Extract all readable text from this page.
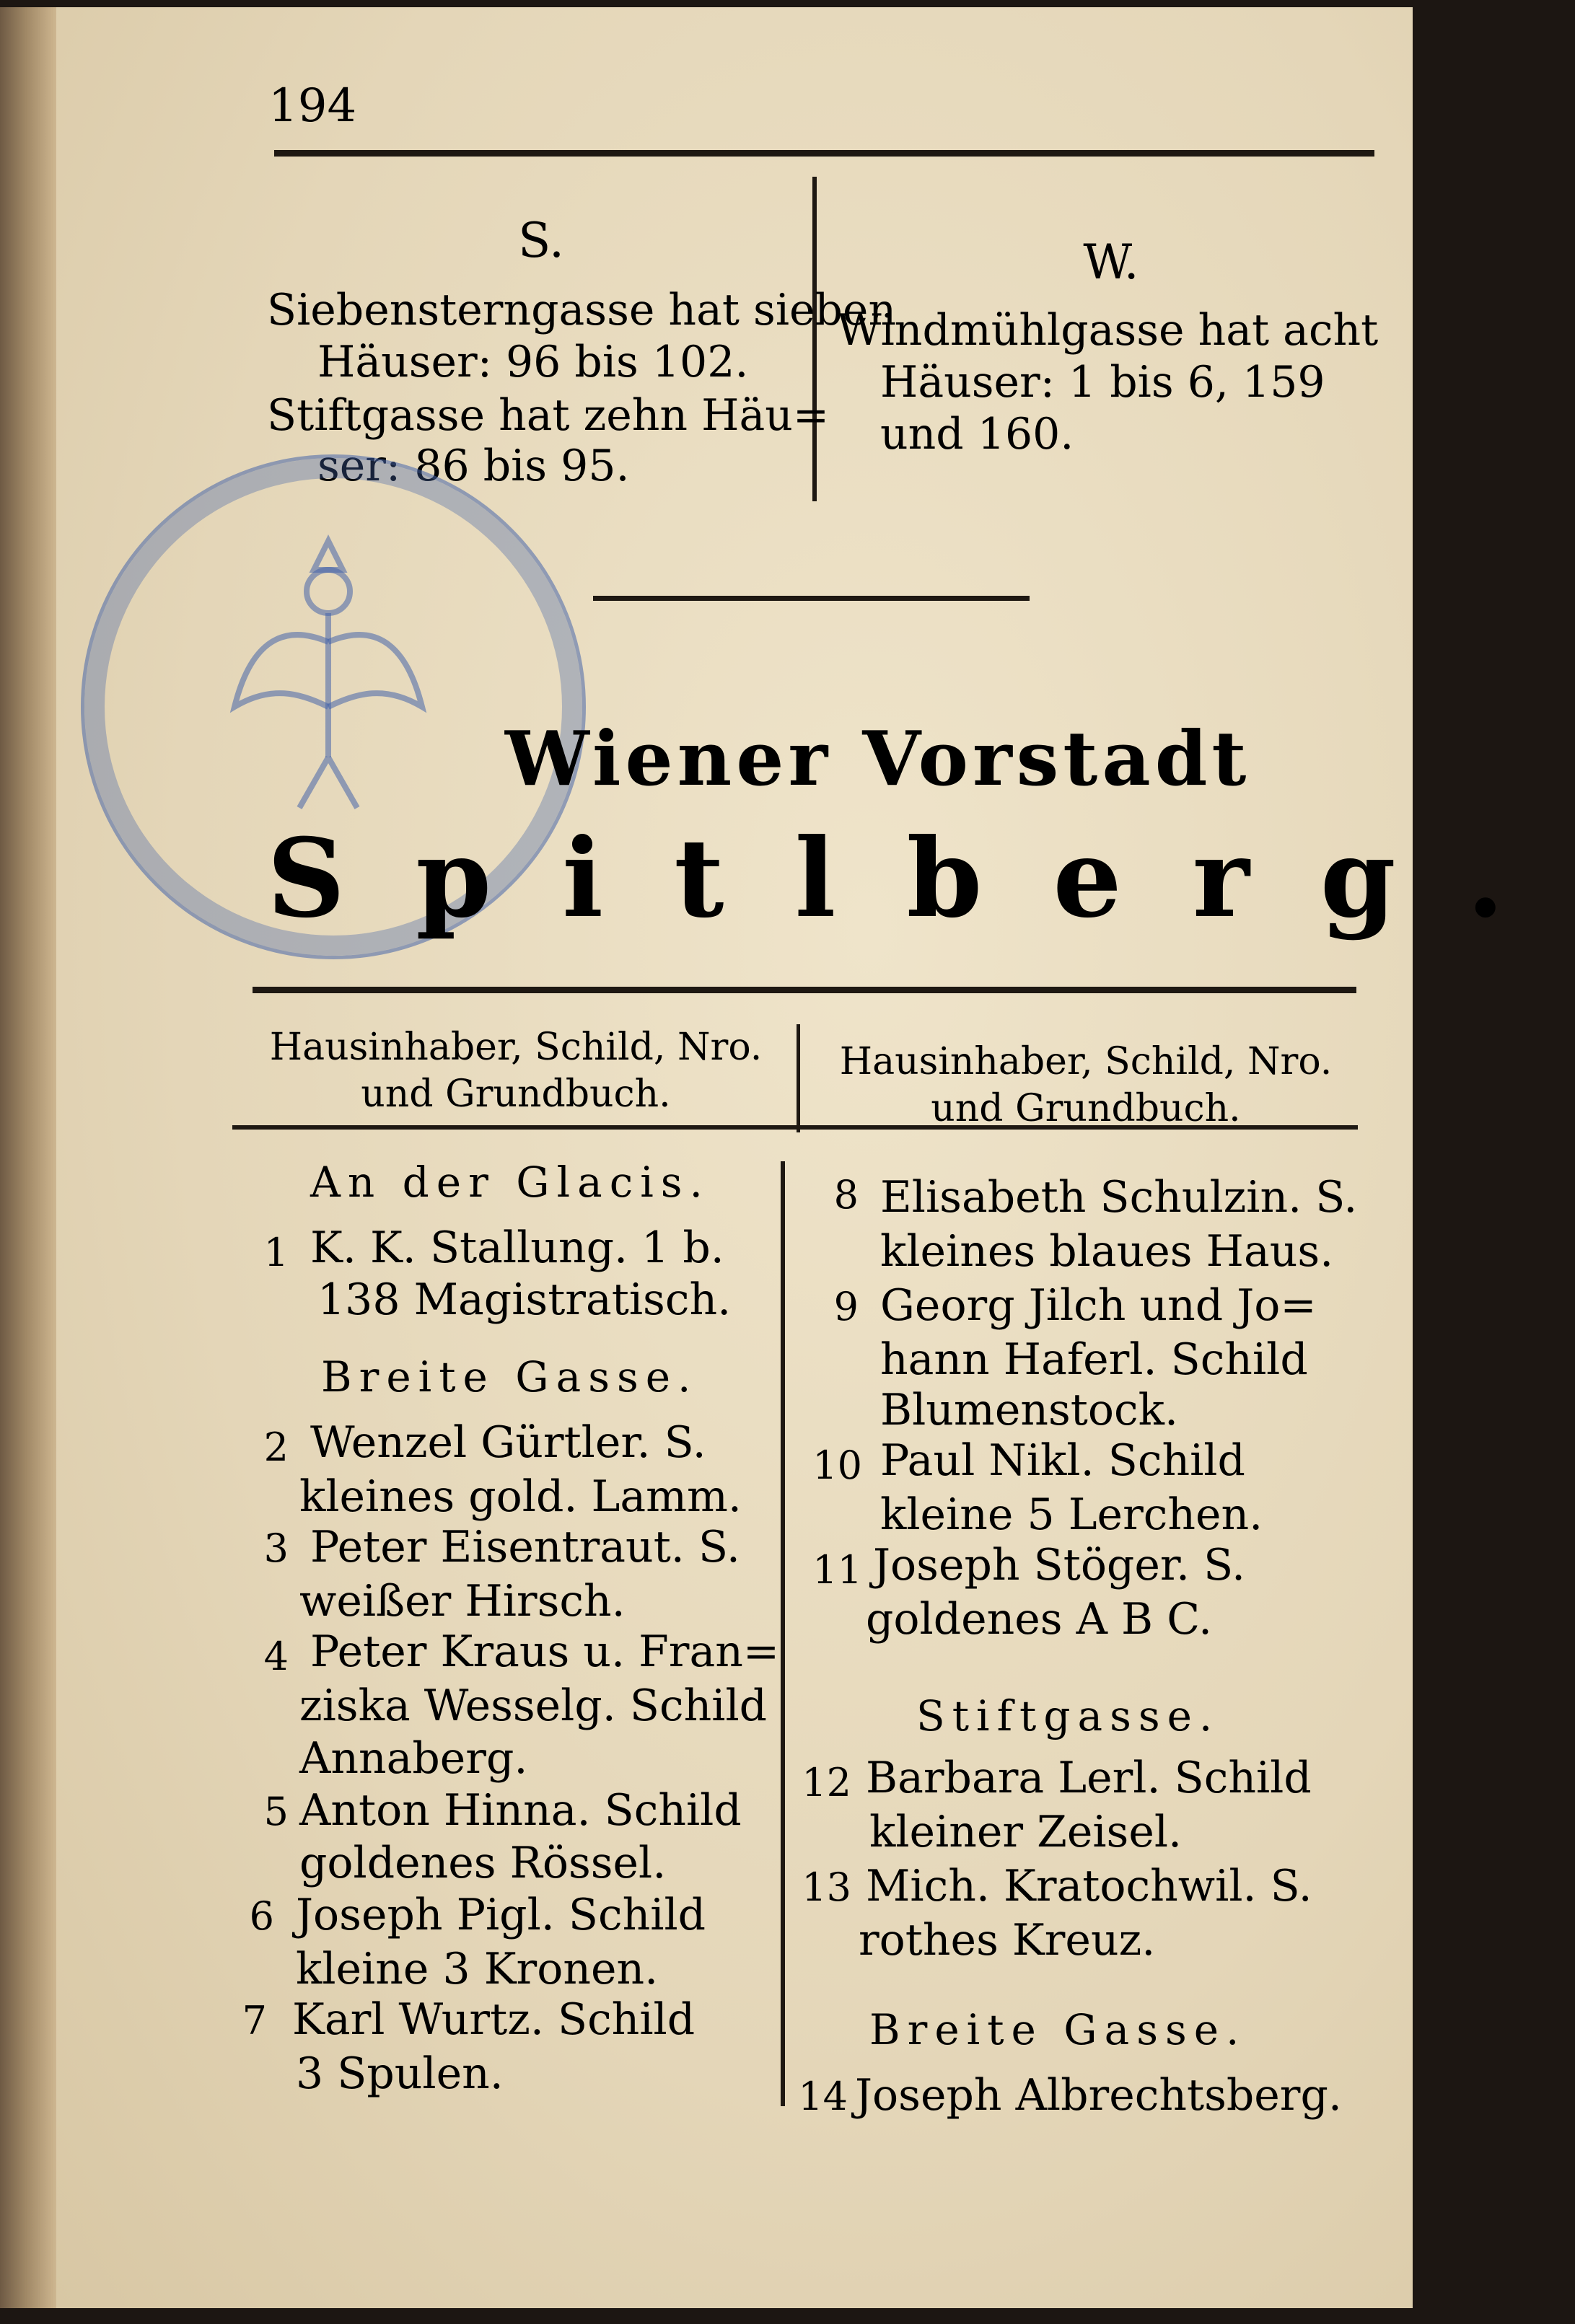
194
S.
Siebensterngasse hat sieben
Häuser: 96 bis 102.
Stiftgasse hat zehn Häu=
ser: 86 bis 95.
W.
Windmühlgasse hat acht
Häuser: 1 bis 6, 159
und 160.
Wiener Vorstadt
Spitlberg.
Hausinhaber, Schild, Nro.
und Grundbuch.
Hausinhaber, Schild, Nro.
und Grundbuch.
An der Glacis.
1 K. K. Stallung. 1 b.
138 Magistratisch.
Breite Gasse.
2 Wenzel Gürtler. S.
kleines gold. Lamm.
3 Peter Eisentraut. S.
weißer Hirsch.
4 Peter Kraus u. Fran=
ziska Wesselg. Schild
Annaberg.
5 Anton Hinna. Schild
goldenes Rössel.
6 Joseph Pigl. Schild
kleine 3 Kronen.
7 Karl Wurtz. Schild
3 Spulen.
8 Elisabeth Schulzin. S.
kleines blaues Haus.
9 Georg Jilch und Jo=
hann Haferl. Schild
Blumenstock.
10 Paul Nikl. Schild
kleine 5 Lerchen.
11 Joseph Stöger. S.
goldenes A B C.
Stiftgasse.
12 Barbara Lerl. Schild
kleiner Zeisel.
13 Mich. Kratochwil. S.
rothes Kreuz.
Breite Gasse.
14 Joseph Albrechtsberg.
